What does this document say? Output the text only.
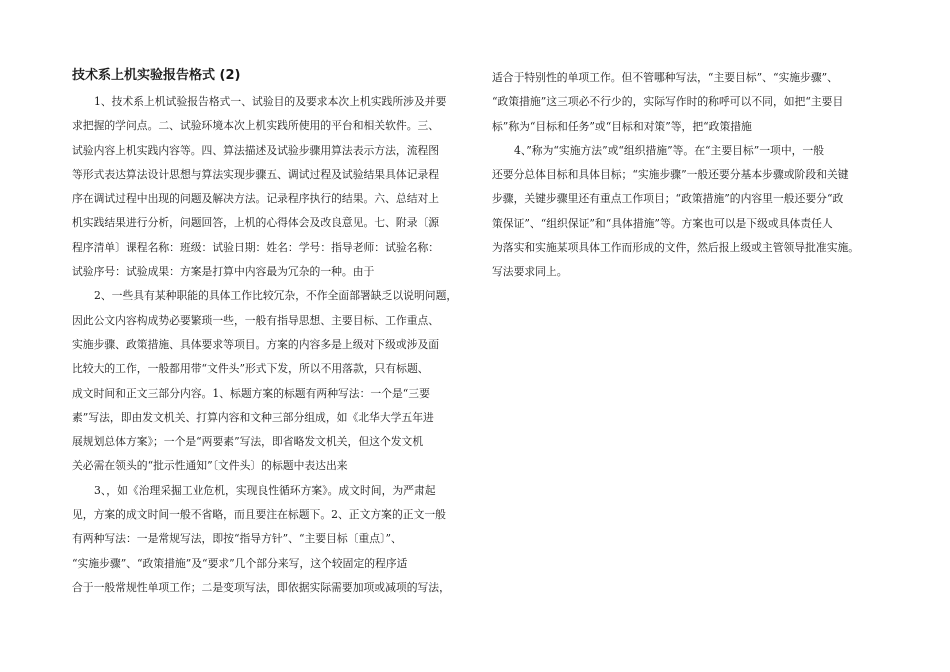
技术系上机实验报告格式 (2)
1、技术系上机试验报告格式一、试验目的及要求本次上机实践所涉及并要
求把握的学问点。二、试验环境本次上机实践所使用的平台和相关软件。三、
试验内容上机实践内容等。四、算法描述及试验步骤用算法表示方法，流程图
等形式表达算法设计思想与算法实现步骤五、调试过程及试验结果具体记录程
序在调试过程中出现的问题及解决方法。记录程序执行的结果。六、总结对上
机实践结果进行分析，问题回答，上机的心得体会及改良意见。七、附录〔源
程序清单〕课程名称：班级：试验日期：姓名：学号：指导老师：试验名称：
试验序号：试验成果：方案是打算中内容最为冗杂的一种。由于
2、一些具有某种职能的具体工作比较冗杂，不作全面部署缺乏以说明问题，
因此公文内容构成势必要繁琐一些，一般有指导思想、主要目标、工作重点、
实施步骤、政策措施、具体要求等项目。方案的内容多是上级对下级或涉及面
比较大的工作，一般都用带“文件头”形式下发，所以不用落款，只有标题、
成文时间和正文三部分内容。1、标题方案的标题有两种写法：一个是“三要
素”写法，即由发文机关、打算内容和文种三部分组成，如《北华大学五年进
展规划总体方案》；一个是“两要素”写法，即省略发文机关，但这个发文机
关必需在领头的“批示性通知”〔文件头〕的标题中表达出来
3、，如《治理采掘工业危机，实现良性循环方案》。成文时间，为严肃起
见，方案的成文时间一般不省略，而且要注在标题下。2、正文方案的正文一般
有两种写法：一是常规写法，即按“指导方针”、“主要目标〔重点〕”、
“实施步骤”、“政策措施”及“要求”几个部分来写，这个较固定的程序适
合于一般常规性单项工作；二是变项写法，即依据实际需要加项或减项的写法，
适合于特别性的单项工作。但不管哪种写法，“主要目标”、“实施步骤”、
“政策措施”这三项必不行少的，实际写作时的称呼可以不同，如把“主要目
标”称为“目标和任务”或“目标和对策”等，把“政策措施
4、”称为“实施方法”或“组织措施”等。在“主要目标”一项中，一般
还要分总体目标和具体目标；“实施步骤”一般还要分基本步骤或阶段和关键
步骤，关键步骤里还有重点工作项目；“政策措施”的内容里一般还要分“政
策保证”、“组织保证”和“具体措施”等。方案也可以是下级或具体责任人
为落实和实施某项具体工作而形成的文件，然后报上级或主管领导批准实施。
写法要求同上。
